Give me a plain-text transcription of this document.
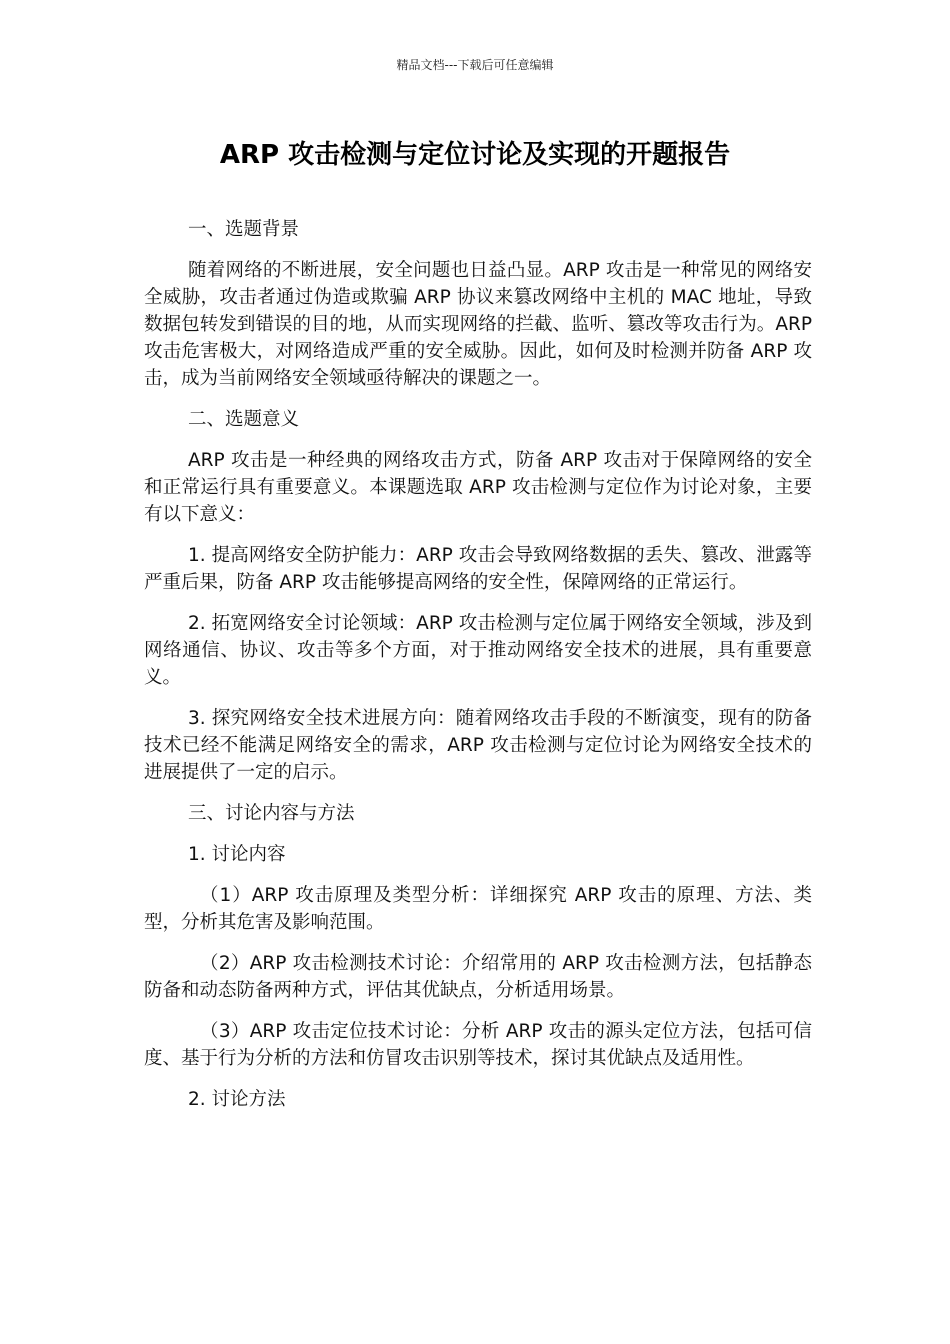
精品文档---下载后可任意编辑
ARP 攻击检测与定位讨论及实现的开题报告

一、选题背景

随着网络的不断进展，安全问题也日益凸显。ARP 攻击是一种常见的网络安全威胁，攻击者通过伪造或欺骗 ARP 协议来篡改网络中主机的 MAC 地址，导致数据包转发到错误的目的地，从而实现网络的拦截、监听、篡改等攻击行为。ARP 攻击危害极大，对网络造成严重的安全威胁。因此，如何及时检测并防备 ARP 攻击，成为当前网络安全领域亟待解决的课题之一。

二、选题意义

ARP 攻击是一种经典的网络攻击方式，防备 ARP 攻击对于保障网络的安全和正常运行具有重要意义。本课题选取 ARP 攻击检测与定位作为讨论对象，主要有以下意义：

1. 提高网络安全防护能力：ARP 攻击会导致网络数据的丢失、篡改、泄露等严重后果，防备 ARP 攻击能够提高网络的安全性，保障网络的正常运行。

2. 拓宽网络安全讨论领域：ARP 攻击检测与定位属于网络安全领域，涉及到网络通信、协议、攻击等多个方面，对于推动网络安全技术的进展，具有重要意义。

3. 探究网络安全技术进展方向：随着网络攻击手段的不断演变，现有的防备技术已经不能满足网络安全的需求，ARP 攻击检测与定位讨论为网络安全技术的进展提供了一定的启示。

三、讨论内容与方法

1. 讨论内容

（1）ARP 攻击原理及类型分析：详细探究 ARP 攻击的原理、方法、类型，分析其危害及影响范围。

（2）ARP 攻击检测技术讨论：介绍常用的 ARP 攻击检测方法，包括静态防备和动态防备两种方式，评估其优缺点，分析适用场景。

（3）ARP 攻击定位技术讨论：分析 ARP 攻击的源头定位方法，包括可信度、基于行为分析的方法和仿冒攻击识别等技术，探讨其优缺点及适用性。

2. 讨论方法
